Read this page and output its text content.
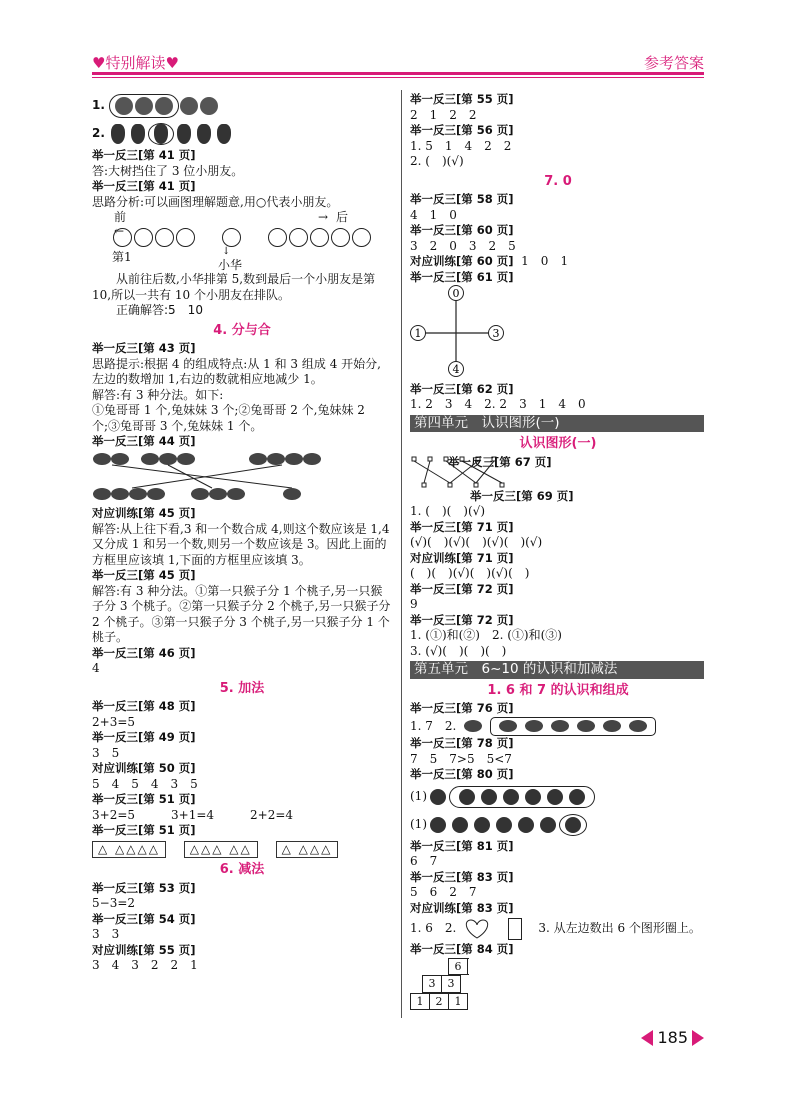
♥特别解读♥	参考答案
1.
2.
举一反三[第 41 页]
答:大树挡住了 3 位小朋友。
举一反三[第 41 页]
思路分析:可以画图理解题意,用○代表小朋友。
前
←
→ 后

第1	↓
小华
从前往后数,小华排第 5,数到最后一个小朋友是第 10,所以一共有 10 个小朋友在排队。
正确解答:5　10
4. 分与合
举一反三[第 43 页]
思路提示:根据 4 的组成特点:从 1 和 3 组成 4 开始分,左边的数增加 1,右边的数就相应地减少 1。
解答:有 3 种分法。如下:
①兔哥哥 1 个,兔妹妹 3 个;②兔哥哥 2 个,兔妹妹 2 个;③兔哥哥 3 个,兔妹妹 1 个。
举一反三[第 44 页]
对应训练[第 45 页]
解答:从上往下看,3 和一个数合成 4,则这个数应该是 1,4 又分成 1 和另一个数,则另一个数应该是 3。因此上面的方框里应该填 1,下面的方框里应该填 3。
举一反三[第 45 页]
解答:有 3 种分法。①第一只猴子分 1 个桃子,另一只猴子分 3 个桃子。②第一只猴子分 2 个桃子,另一只猴子分 2 个桃子。③第一只猴子分 3 个桃子,另一只猴子分 1 个桃子。
举一反三[第 46 页]
4
5. 加法
举一反三[第 48 页]
2+3=5
举一反三[第 49 页]
3　5
对应训练[第 50 页]
5　4　5　4　3　5
举一反三[第 51 页]
3+2=5　　　3+1=4　　　2+2=4
举一反三[第 51 页]
△ △△△△ △△△ △△ △ △△△
6. 减法
举一反三[第 53 页]
5−3=2
举一反三[第 54 页]
3　3
对应训练[第 55 页]
3　4　3　2　2　1
举一反三[第 55 页]
2　1　2　2
举一反三[第 56 页]
1. 5　1　4　2　2
2. (　)(√)
7. 0
举一反三[第 58 页]
4　1　0
举一反三[第 60 页]
3　2　0　3　2　5
对应训练[第 60 页] 1　0　1
举一反三[第 61 页]
0
1	3
4
举一反三[第 62 页]
1. 2　3　4　2. 2　3　1　4　0
第四单元　认识图形(一)
认识图形(一)
举一反三[第 67 页]
举一反三[第 69 页]
1. (　)(　)(√)
举一反三[第 71 页]
(√)(　)(√)(　)(√)(　)(√)
对应训练[第 71 页]
(　)(　)(√)(　)(√)(　)
举一反三[第 72 页]
9
举一反三[第 72 页]
1. (①)和(②)　2. (①)和(③)
3. (√)(　)(　)(　)
第五单元　6~10 的认识和加减法
1. 6 和 7 的认识和组成
举一反三[第 76 页]
1. 7　2.
举一反三[第 78 页]
7　5　7>5　5<7
举一反三[第 80 页]
(1)
(1)
举一反三[第 81 页]
6　7
举一反三[第 83 页]
5　6　2　7
对应训练[第 83 页]
1. 6　2.	3. 从左边数出 6 个图形圈上。
举一反三[第 84 页]
	6	
3	3
1	2	1
185
